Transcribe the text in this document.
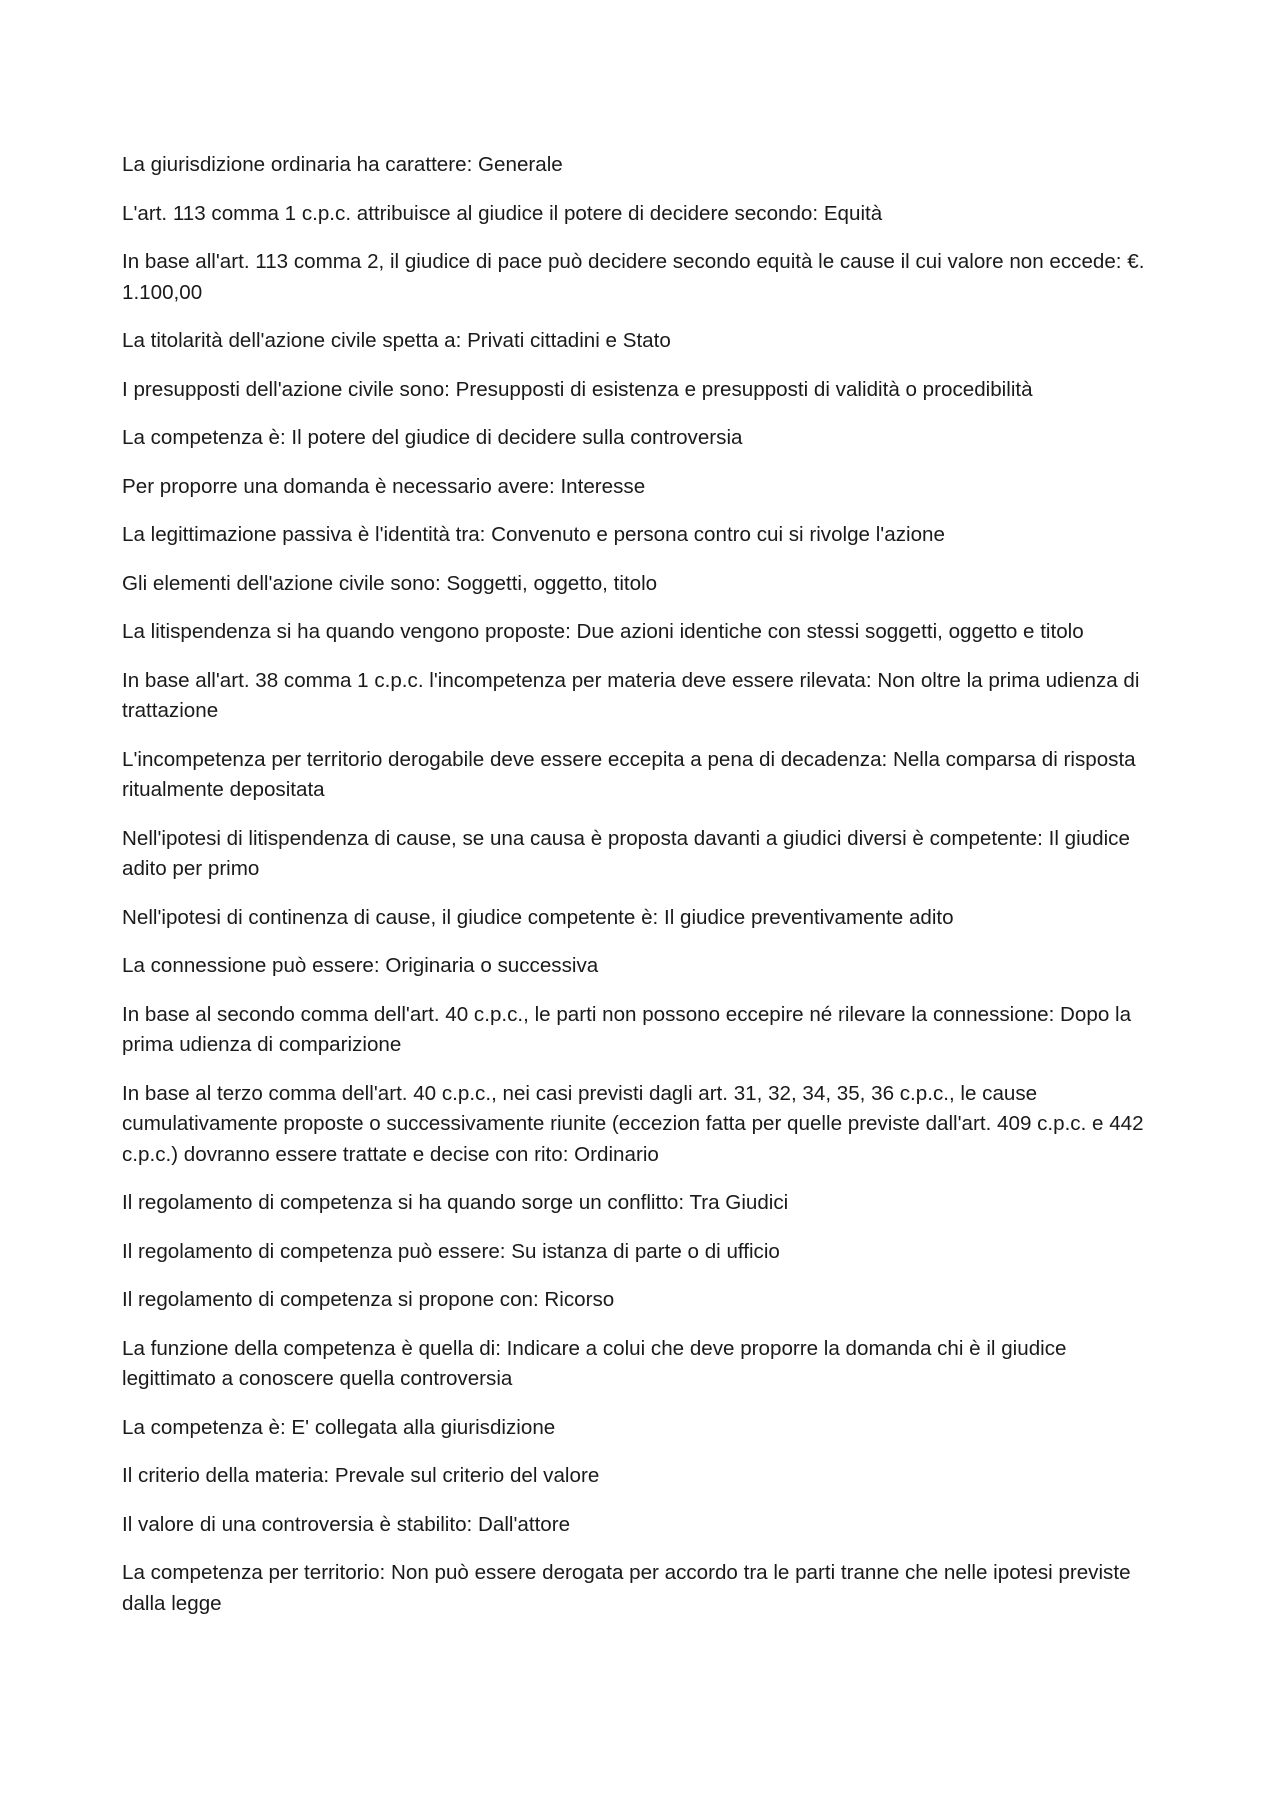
La giurisdizione ordinaria ha carattere: Generale

L'art. 113 comma 1 c.p.c. attribuisce al giudice il potere di decidere secondo: Equità

In base all'art. 113 comma 2, il giudice di pace può decidere secondo equità le cause il cui valore non eccede: €. 1.100,00

La titolarità dell'azione civile spetta a: Privati cittadini e Stato

I presupposti dell'azione civile sono: Presupposti di esistenza e presupposti di validità o procedibilità

La competenza è: Il potere del giudice di decidere sulla controversia

Per proporre una domanda è necessario avere: Interesse

La legittimazione passiva è l'identità tra: Convenuto e persona contro cui si rivolge l'azione

Gli elementi dell'azione civile sono: Soggetti, oggetto, titolo

La litispendenza si ha quando vengono proposte: Due azioni identiche con stessi soggetti, oggetto e titolo

In base all'art. 38 comma 1 c.p.c. l'incompetenza per materia deve essere rilevata: Non oltre la prima udienza di trattazione

L'incompetenza per territorio derogabile deve essere eccepita a pena di decadenza: Nella comparsa di risposta ritualmente depositata

Nell'ipotesi di litispendenza di cause, se una causa è proposta davanti a giudici diversi è competente: Il giudice adito per primo

Nell'ipotesi di continenza di cause, il giudice competente è: Il giudice preventivamente adito

La connessione può essere: Originaria o successiva

In base al secondo comma dell'art. 40 c.p.c., le parti non possono eccepire né rilevare la connessione: Dopo la prima udienza di comparizione

In base al terzo comma dell'art. 40 c.p.c., nei casi previsti dagli art. 31, 32, 34, 35, 36 c.p.c., le cause cumulativamente proposte o successivamente riunite (eccezion fatta per quelle previste dall'art. 409 c.p.c. e 442 c.p.c.) dovranno essere trattate e decise con rito: Ordinario

Il regolamento di competenza si ha quando sorge un conflitto: Tra Giudici

Il regolamento di competenza può essere: Su istanza di parte o di ufficio

Il regolamento di competenza si propone con: Ricorso

La funzione della competenza è quella di: Indicare a colui che deve proporre la domanda chi è il giudice legittimato a conoscere quella controversia

La competenza è: E' collegata alla giurisdizione

Il criterio della materia: Prevale sul criterio del valore

Il valore di una controversia è stabilito: Dall'attore

La competenza per territorio: Non può essere derogata per accordo tra le parti tranne che nelle ipotesi previste dalla legge
